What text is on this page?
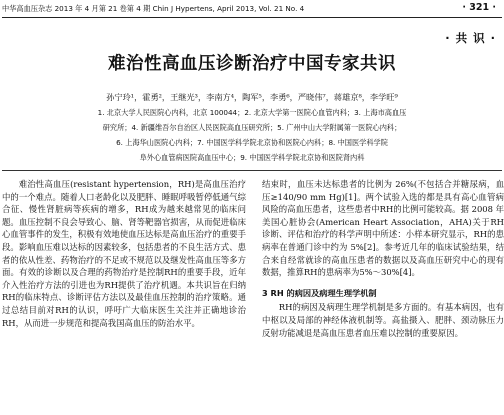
中华高血压杂志 2013 年 4 月第 21 卷第 4 期 Chin J Hypertens, April 2013, Vol. 21 No. 4	· 321 ·
· 共 识 ·
难治性高血压诊断治疗中国专家共识
孙宁玲¹，霍勇²，王继光³，李南方⁴，陶军⁵，李勇⁶，严晓伟⁷，蒋雄京⁸，李学旺⁹
1. 北京大学人民医院心内科，北京 100044；2. 北京大学第一医院心血管内科；3. 上海市高血压
研究所；4. 新疆维吾尔自治区人民医院高血压研究所；5. 广州中山大学附属第一医院心内科；
6. 上海华山医院心内科；7. 中国医学科学院北京协和医院心内科；8. 中国医学科学院
阜外心血管病医院高血压中心；9. 中国医学科学院北京协和医院肾内科

难治性高血压(resistant hypertension，RH)是高血压治疗中的一个难点。随着人口老龄化以及肥胖、睡眠呼吸暂停低通气综合征、慢性肾脏病等疾病的增多，RH成为越来越常见的临床问题。血压控制不良会导致心、脑、肾等靶器官损害，从而促进临床心血管事件的发生，积极有效地使血压达标是高血压治疗的重要手段。影响血压难以达标的因素较多，包括患者的不良生活方式、患者的依从性差、药物治疗的不足或不规范以及继发性高血压等多方面。有效的诊断以及合理的药物治疗是控制RH的重要手段，近年介入性治疗方法的引进也为RH提供了治疗机遇。本共识旨在归纳RH的临床特点、诊断评估方法以及最佳血压控制的治疗策略。通过总结目前对RH的认识，呼吁广大临床医生关注并正确地诊治RH，从而进一步规范和提高我国高血压的防治水平。

结束时，血压未达标患者的比例为 26%(不包括合并糖尿病，血压≥140/90 mm Hg)[1]。两个试验入选的都是具有高心血管病风险的高血压患者，这些患者中RH的比例可能较高。据 2008 年美国心脏协会(American Heart Association，AHA)关于RH诊断、评估和治疗的科学声明中所述：小样本研究显示，RH的患病率在普通门诊中约为 5%[2]。参考近几年的临床试验结果，结合来自经常就诊的高血压患者的数据以及高血压研究中心的现有数据，推算RH的患病率为5%～30%[4]。

3 RH 的病因及病理生理学机制

RH的病因及病理生理学机制是多方面的。有基本病因，也有中枢以及局部的神经体液机制等。高盐摄入、肥胖、颈动脉压力反射功能减退是高血压患者血压难以控制的重要原因。
